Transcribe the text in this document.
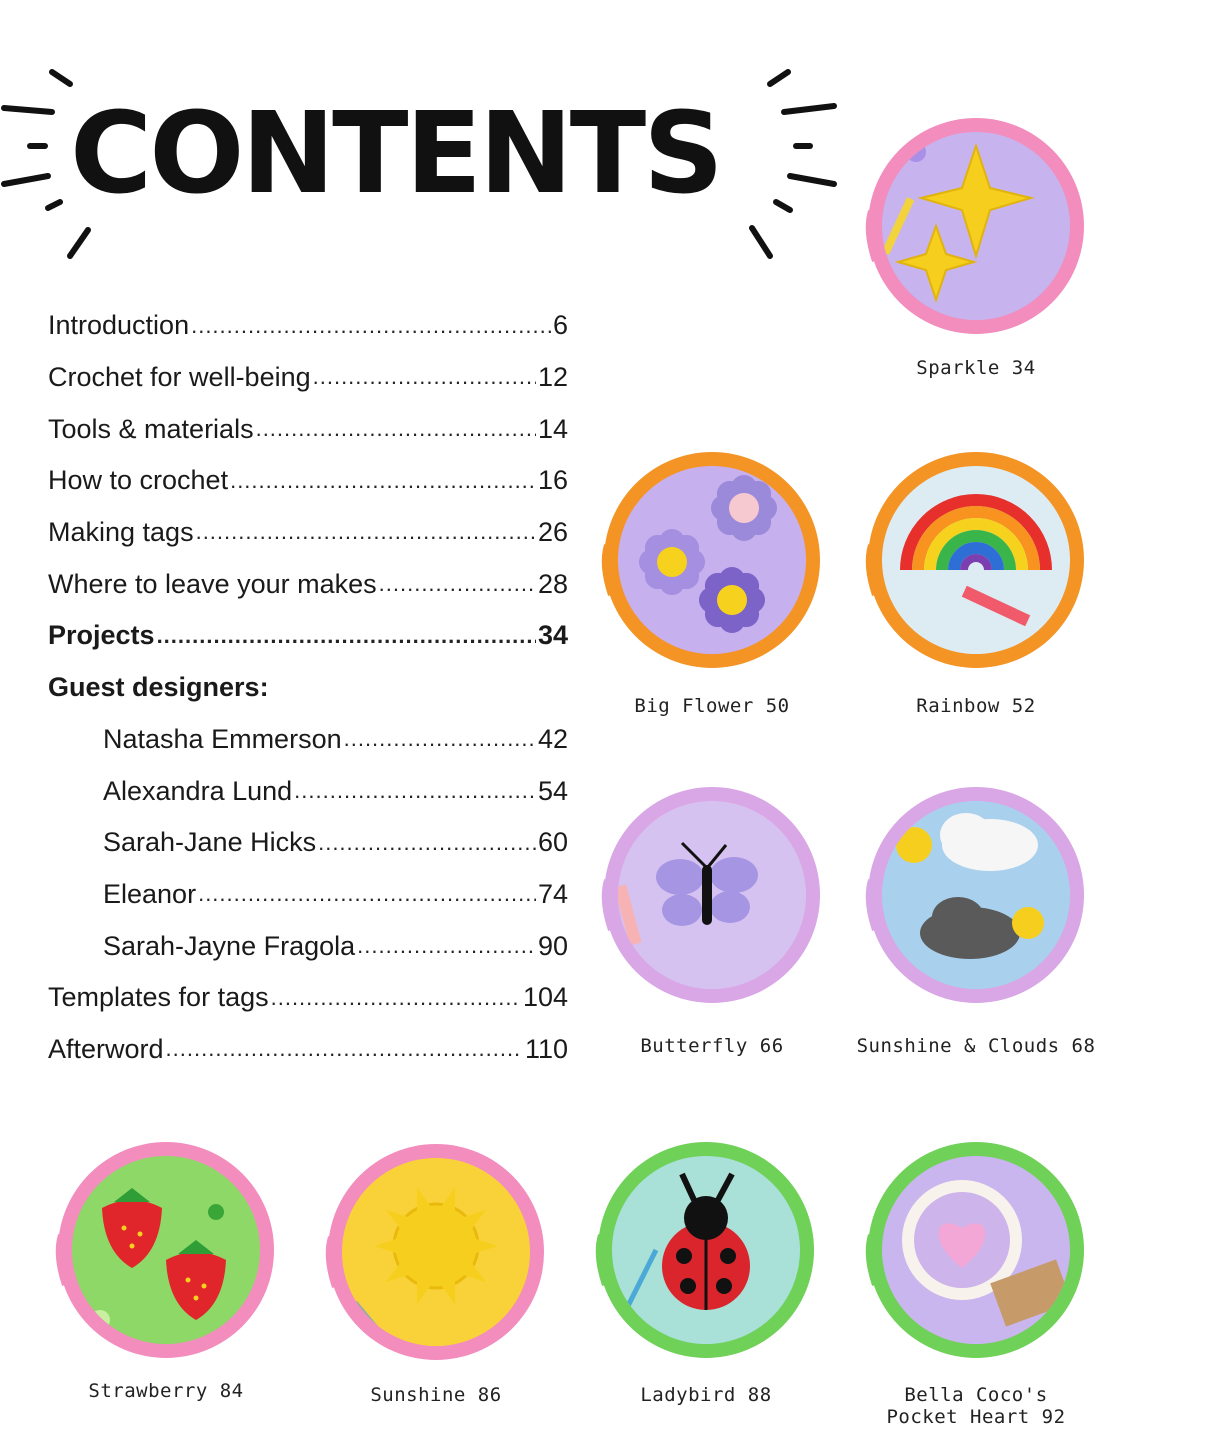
CONTENTS
Introduction .....	6
Crochet for well-being .....	12
Tools & materials .....	14
How to crochet .....	16
Making tags .....	26
Where to leave your makes .....	28
Projects .....	34
Guest designers:
Natasha Emmerson .....	42
Alexandra Lund .....	54
Sarah-Jane Hicks .....	60
Eleanor .....	74
Sarah-Jayne Fragola .....	90
Templates for tags .....	104
Afterword .....	110
Sparkle 34
Big Flower 50	Rainbow 52
Butterfly 66	Sunshine & Clouds 68
Strawberry 84	Sunshine 86	Ladybird 88	Bella Coco's Pocket Heart 92
